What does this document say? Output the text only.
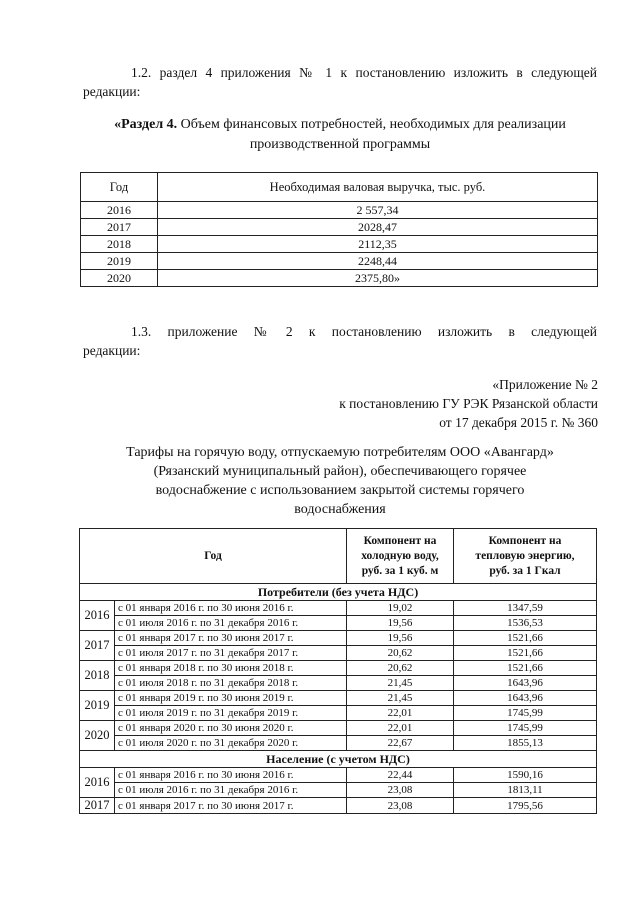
1.2. раздел 4 приложения № 1 к постановлению изложить в следующей
редакции:

«Раздел 4. Объем финансовых потребностей, необходимых для реализации
производственной программы
Год	Необходимая валовая выручка, тыс. руб.
2016	2 557,34
2017	2028,47
2018	2112,35
2019	2248,44
2020	2375,80»

1.3. приложение № 2 к постановлению изложить в следующей
редакции:

«Приложение № 2
к постановлению ГУ РЭК Рязанской области
от 17 декабря 2015 г. № 360
Тарифы на горячую воду, отпускаемую потребителям ООО «Авангард»
(Рязанский муниципальный район), обеспечивающего горячее
водоснабжение с использованием закрытой системы горячего
водоснабжения
Год		Компонент на
холодную воду,
руб. за 1 куб. м	Компонент на
тепловую энергию,
руб. за 1 Гкал
Потребители (без учета НДС)			
2016	с 01 января 2016 г. по 30 июня 2016 г.	19,02	1347,59
	с 01 июля 2016 г. по 31 декабря 2016 г.	19,56	1536,53
2017	с 01 января 2017 г. по 30 июня 2017 г.	19,56	1521,66
	с 01 июля 2017 г. по 31 декабря 2017 г.	20,62	1521,66
2018	с 01 января 2018 г. по 30 июня 2018 г.	20,62	1521,66
	с 01 июля 2018 г. по 31 декабря 2018 г.	21,45	1643,96
2019	с 01 января 2019 г. по 30 июня 2019 г.	21,45	1643,96
	с 01 июля 2019 г. по 31 декабря 2019 г.	22,01	1745,99
2020	с 01 января 2020 г. по 30 июня 2020 г.	22,01	1745,99
	с 01 июля 2020 г. по 31 декабря 2020 г.	22,67	1855,13
Население (с учетом НДС)			
2016	с 01 января 2016 г. по 30 июня 2016 г.	22,44	1590,16
	с 01 июля 2016 г. по 31 декабря 2016 г.	23,08	1813,11
2017	с 01 января 2017 г. по 30 июня 2017 г.	23,08	1795,56
